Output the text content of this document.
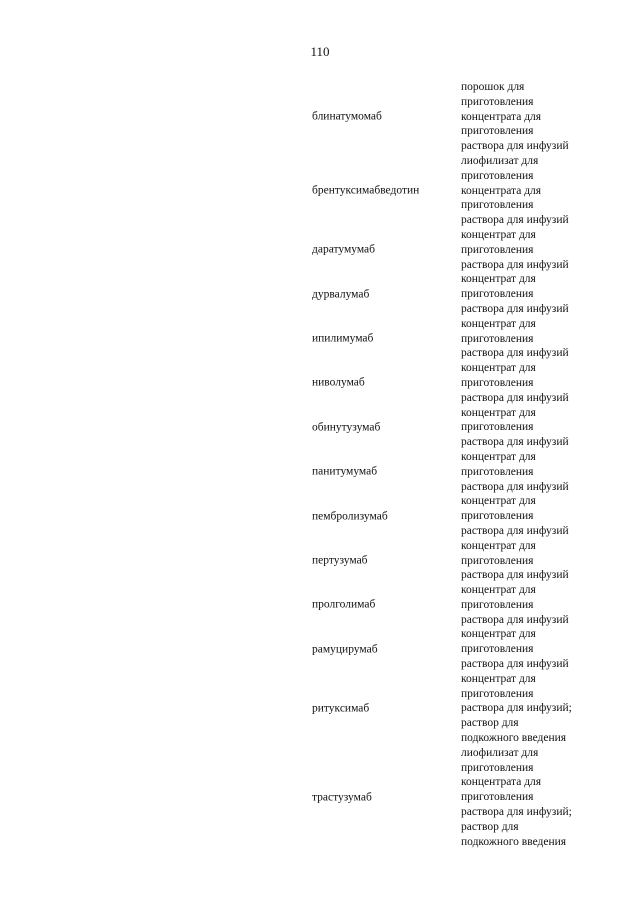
110
блинатумомаб
порошок для
приготовления
концентрата для
приготовления
раствора для инфузий
брентуксимабведотин
лиофилизат для
приготовления
концентрата для
приготовления
раствора для инфузий
даратумумаб
концентрат для
приготовления
раствора для инфузий
дурвалумаб
концентрат для
приготовления
раствора для инфузий
ипилимумаб
концентрат для
приготовления
раствора для инфузий
ниволумаб
концентрат для
приготовления
раствора для инфузий
обинутузумаб
концентрат для
приготовления
раствора для инфузий
панитумумаб
концентрат для
приготовления
раствора для инфузий
пембролизумаб
концентрат для
приготовления
раствора для инфузий
пертузумаб
концентрат для
приготовления
раствора для инфузий
пролголимаб
концентрат для
приготовления
раствора для инфузий
рамуцирумаб
концентрат для
приготовления
раствора для инфузий
ритуксимаб
концентрат для
приготовления
раствора для инфузий;
раствор для
подкожного введения
трастузумаб
лиофилизат для
приготовления
концентрата для
приготовления
раствора для инфузий;
раствор для
подкожного введения
